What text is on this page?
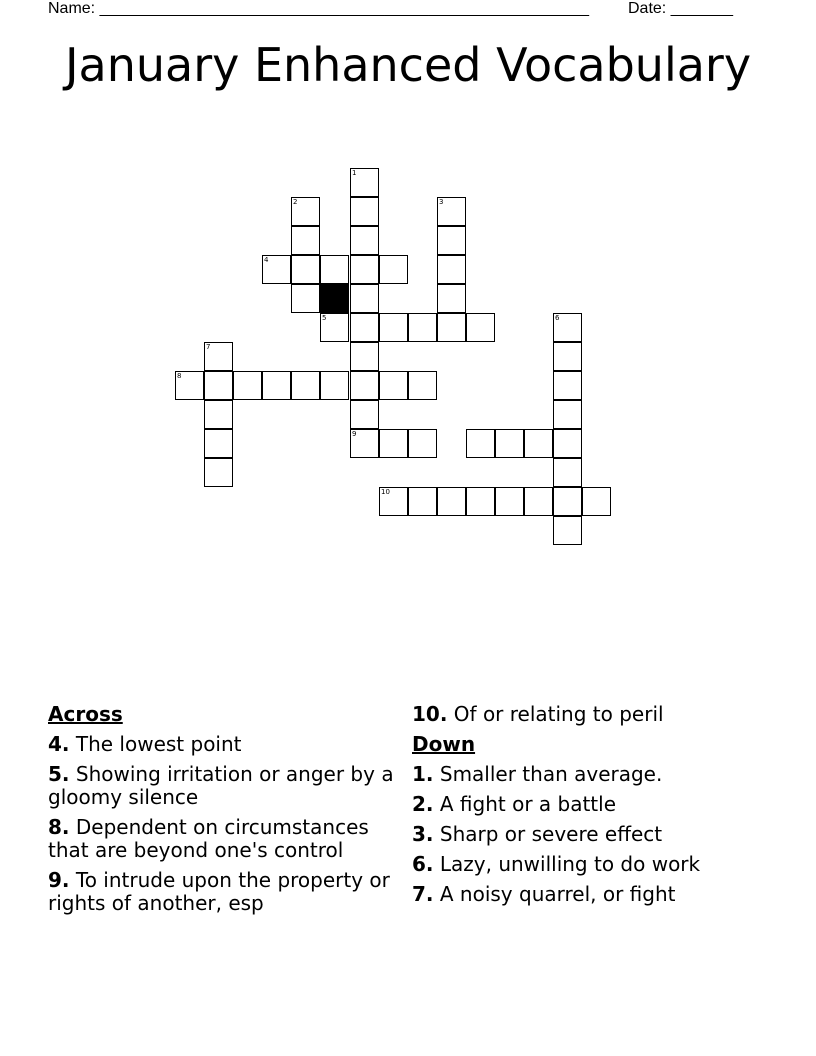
Name: _______________________________________________________ Date: _______
January Enhanced Vocabulary
1
9
2	3
4
5	6
7
8
10
Across
4. The lowest point
5. Showing irritation or anger by a gloomy silence
8. Dependent on circumstances that are beyond one's control
9. To intrude upon the property or rights of another, esp
10. Of or relating to peril
Down
1. Smaller than average.
2. A fight or a battle
3. Sharp or severe effect
6. Lazy, unwilling to do work
7. A noisy quarrel, or fight
